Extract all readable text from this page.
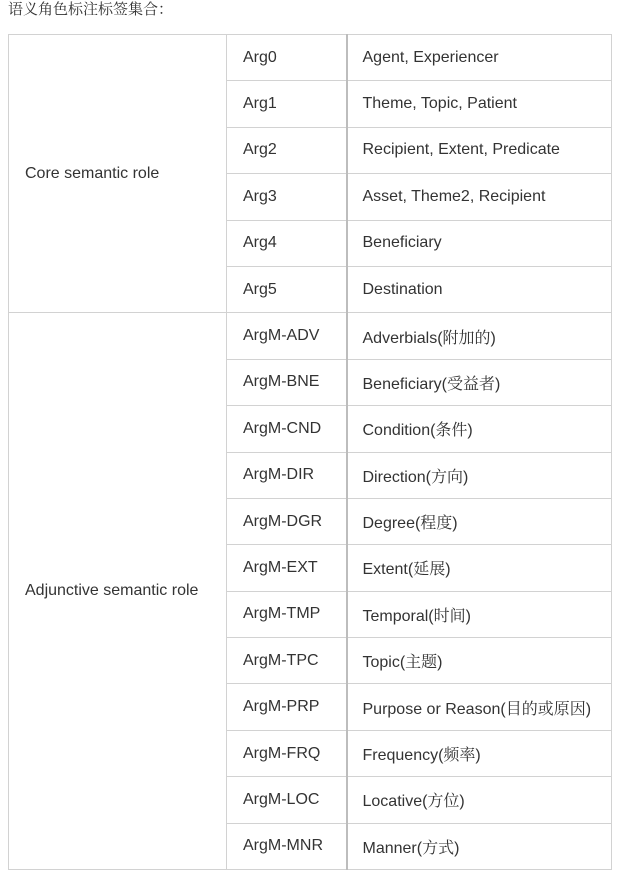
语义角色标注标签集合：
Core semantic role	Arg0	Agent, Experiencer
	Arg1	Theme, Topic, Patient
	Arg2	Recipient, Extent, Predicate
	Arg3	Asset, Theme2, Recipient
	Arg4	Beneficiary
	Arg5	Destination
Adjunctive semantic role	ArgM-ADV	Adverbials(附加的)
	ArgM-BNE	Beneficiary(受益者)
	ArgM-CND	Condition(条件)
	ArgM-DIR	Direction(方向)
	ArgM-DGR	Degree(程度)
	ArgM-EXT	Extent(延展)
	ArgM-TMP	Temporal(时间)
	ArgM-TPC	Topic(主题)
	ArgM-PRP	Purpose or Reason(目的或原因)
	ArgM-FRQ	Frequency(频率)
	ArgM-LOC	Locative(方位)
	ArgM-MNR	Manner(方式)
